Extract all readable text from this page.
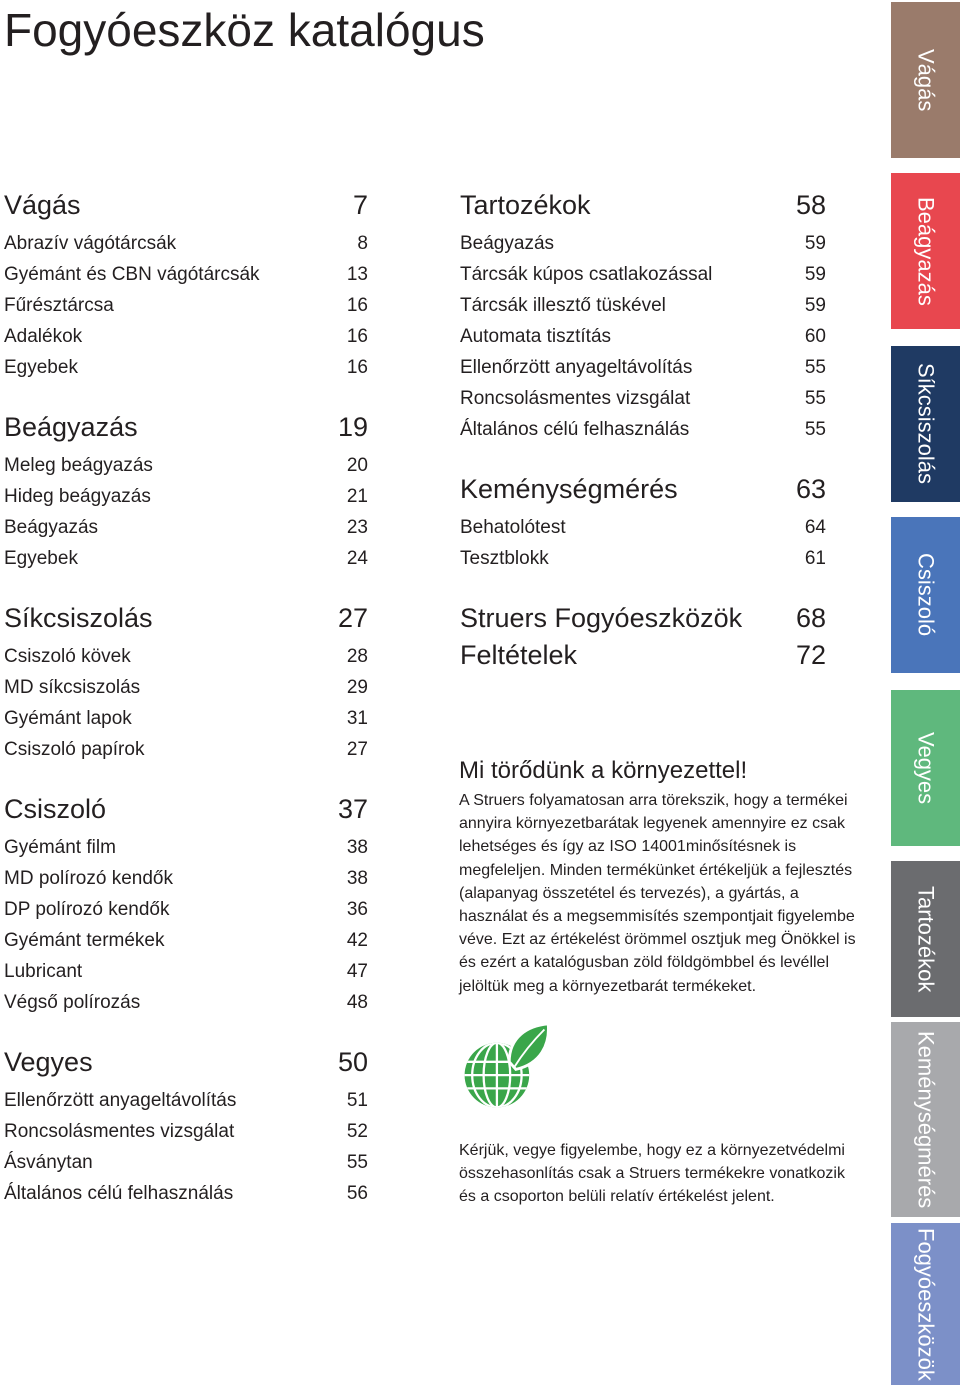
Fogyóeszköz katalógus
Vágás	7
Abrazív vágótárcsák	8
Gyémánt és CBN vágótárcsák	13
Fűrésztárcsa	16
Adalékok	16
Egyebek	16
Beágyazás	19
Meleg beágyazás	20
Hideg beágyazás	21
Beágyazás	23
Egyebek	24
Síkcsiszolás	27
Csiszoló kövek	28
MD síkcsiszolás	29
Gyémánt lapok	31
Csiszoló papírok	27
Csiszoló	37
Gyémánt film	38
MD polírozó kendők	38
DP polírozó kendők	36
Gyémánt termékek	42
Lubricant	47
Végső polírozás	48
Vegyes	50
Ellenőrzött anyageltávolítás	51
Roncsolásmentes vizsgálat	52
Ásványtan	55
Általános célú felhasználás	56
Tartozékok	58
Beágyazás	59
Tárcsák kúpos csatlakozással	59
Tárcsák illesztő tüskével	59
Automata tisztítás	60
Ellenőrzött anyageltávolítás	55
Roncsolásmentes vizsgálat	55
Általános célú felhasználás	55
Keménységmérés	63
Behatolótest	64
Tesztblokk	61
Struers Fogyóeszközök 68
Feltételek	72
Mi törődünk a környezettel!

A Struers folyamatosan arra törekszik, hogy a termékei annyira környezetbarátak legyenek amennyire ez csak lehetséges és így az ISO 14001minősítésnek is megfeleljen. Minden termékünket értékeljük a fejlesztés (alapanyag összetétel és tervezés), a gyártás, a használat és a megsemmisítés szempontjait figyelembe véve. Ezt az értékelést örömmel osztjuk meg Önökkel is és ezért a katalógusban zöld földgömbbel és levéllel jelöltük meg a környezetbarát termékeket.

Kérjük, vegye figyelembe, hogy ez a környezetvédelmi összehasonlítás csak a Struers termékekre vonatkozik és a csoporton belüli relatív értékelést jelent.

Vágás
Beágyazás
Síkcsiszolás
Csiszoló
Vegyes
Tartozékok
Keménységmérés
Fogyóeszközök
